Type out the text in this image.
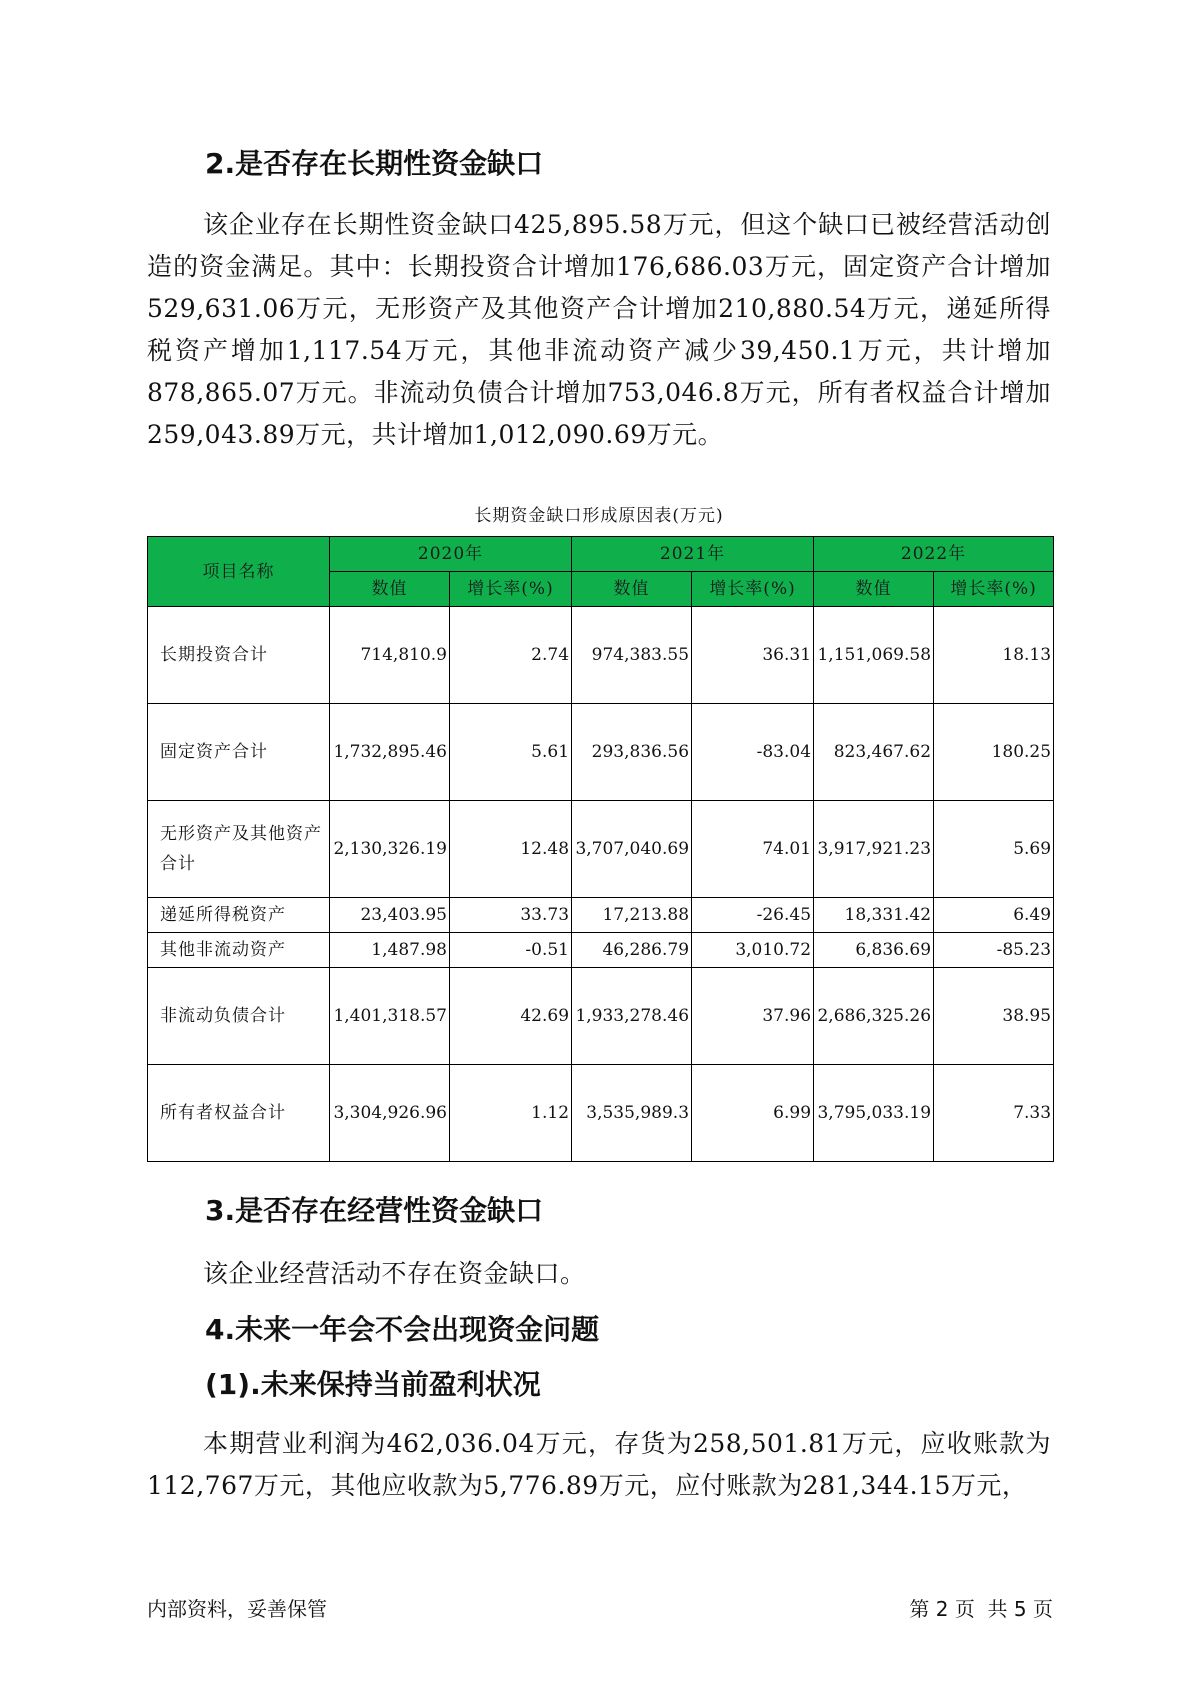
2.是否存在长期性资金缺口

该企业存在长期性资金缺口425,895.58万元，但这个缺口已被经营活动创造的资金满足。其中：长期投资合计增加176,686.03万元，固定资产合计增加529,631.06万元，无形资产及其他资产合计增加210,880.54万元，递延所得税资产增加1,117.54万元，其他非流动资产减少39,450.1万元，共计增加878,865.07万元。非流动负债合计增加753,046.8万元，所有者权益合计增加259,043.89万元，共计增加1,012,090.69万元。

长期资金缺口形成原因表(万元)
项目名称	2020年		2021年		2022年	
	数值	增长率(%)	数值	增长率(%)	数值	增长率(%)
长期投资合计	714,810.9	2.74	974,383.55	36.31	1,151,069.58	18.13
固定资产合计	1,732,895.46	5.61	293,836.56	-83.04	823,467.62	180.25
无形资产及其他资产合计	2,130,326.19	12.48	3,707,040.69	74.01	3,917,921.23	5.69
递延所得税资产	23,403.95	33.73	17,213.88	-26.45	18,331.42	6.49
其他非流动资产	1,487.98	-0.51	46,286.79	3,010.72	6,836.69	-85.23
非流动负债合计	1,401,318.57	42.69	1,933,278.46	37.96	2,686,325.26	38.95
所有者权益合计	3,304,926.96	1.12	3,535,989.3	6.99	3,795,033.19	7.33
3.是否存在经营性资金缺口

该企业经营活动不存在资金缺口。

4.未来一年会不会出现资金问题
(1).未来保持当前盈利状况

本期营业利润为462,036.04万元，存货为258,501.81万元，应收账款为112,767万元，其他应收款为5,776.89万元，应付账款为281,344.15万元，

内部资料，妥善保管	第 2 页  共 5 页
